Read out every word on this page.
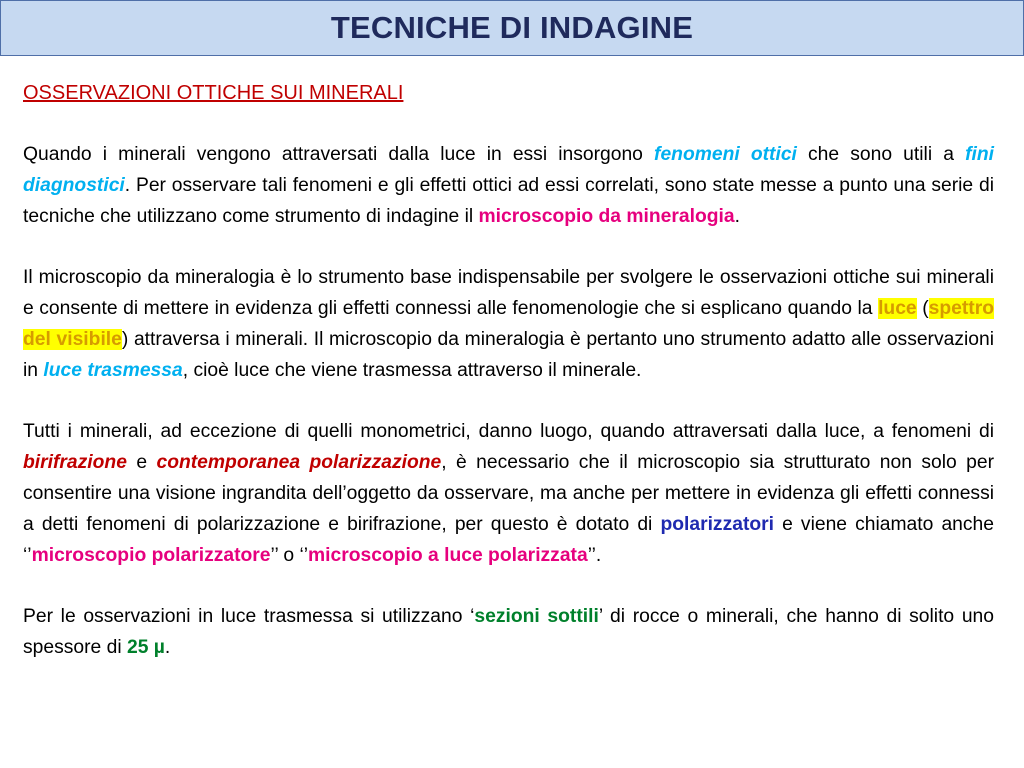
TECNICHE DI INDAGINE
OSSERVAZIONI OTTICHE SUI MINERALI

Quando i minerali vengono attraversati dalla luce in essi insorgono fenomeni ottici che sono utili a fini diagnostici. Per osservare tali fenomeni e gli effetti ottici ad essi correlati, sono state messe a punto una serie di tecniche che utilizzano come strumento di indagine il microscopio da mineralogia.

Il microscopio da mineralogia è lo strumento base indispensabile per svolgere le osservazioni ottiche sui minerali e consente di mettere in evidenza gli effetti connessi alle fenomenologie che si esplicano quando la luce (spettro del visibile) attraversa i minerali. Il microscopio da mineralogia è pertanto uno strumento adatto alle osservazioni in luce trasmessa, cioè luce che viene trasmessa attraverso il minerale.

Tutti i minerali, ad eccezione di quelli monometrici, danno luogo, quando attraversati dalla luce, a fenomeni di birifrazione e contemporanea polarizzazione, è necessario che il microscopio sia strutturato non solo per consentire una visione ingrandita dell’oggetto da osservare, ma anche per mettere in evidenza gli effetti connessi a detti fenomeni di polarizzazione e birifrazione, per questo è dotato di polarizzatori e viene chiamato anche ‘’microscopio polarizzatore’’ o ‘’microscopio a luce polarizzata’’.

Per le osservazioni in luce trasmessa si utilizzano ‘sezioni sottili’ di rocce o minerali, che hanno di solito uno spessore di 25 µ.
